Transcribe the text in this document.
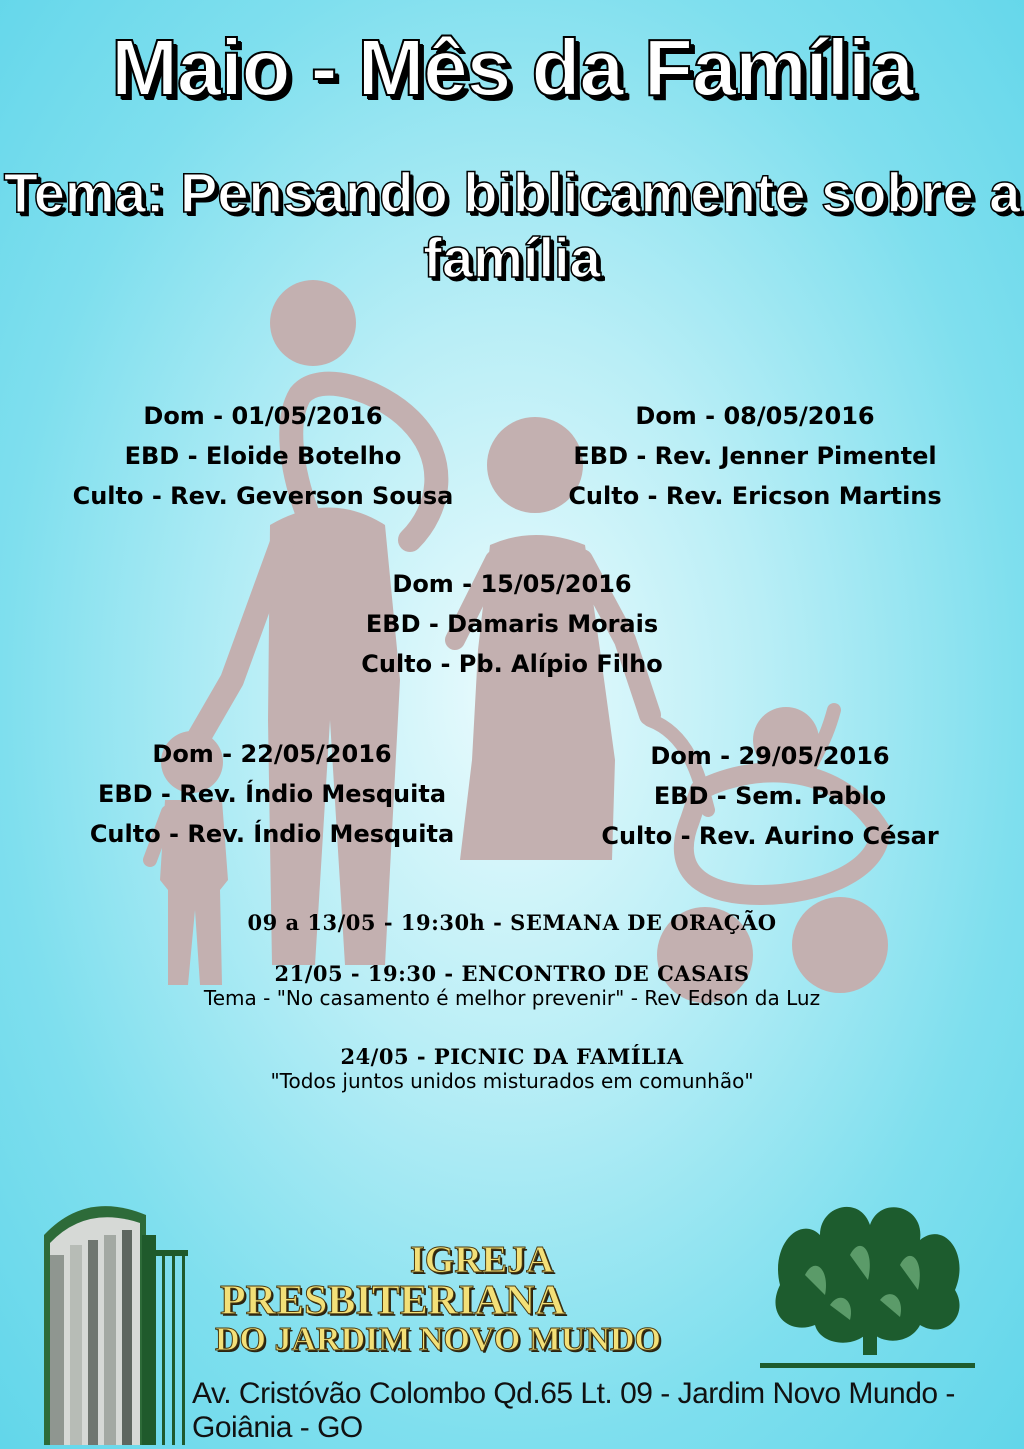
Maio - Mês da Família
Tema: Pensando biblicamente sobre a família
Dom - 01/05/2016
EBD - Eloide Botelho
Culto - Rev. Geverson Sousa
Dom - 08/05/2016
EBD - Rev. Jenner Pimentel
Culto - Rev. Ericson Martins
Dom - 15/05/2016
EBD - Damaris Morais
Culto - Pb. Alípio Filho
Dom - 22/05/2016
EBD - Rev. Índio Mesquita
Culto - Rev. Índio Mesquita
Dom - 29/05/2016
EBD - Sem. Pablo
Culto - Rev. Aurino César
09 a 13/05 - 19:30h - SEMANA DE ORAÇÃO
21/05 - 19:30 - ENCONTRO DE CASAIS
Tema - "No casamento é melhor prevenir" - Rev Edson da Luz
24/05 - PICNIC DA FAMÍLIA
"Todos juntos unidos misturados em comunhão"
IGREJA
PRESBITERIANA
DO JARDIM NOVO MUNDO
Av. Cristóvão Colombo Qd.65 Lt. 09 - Jardim Novo Mundo - Goiânia - GO
